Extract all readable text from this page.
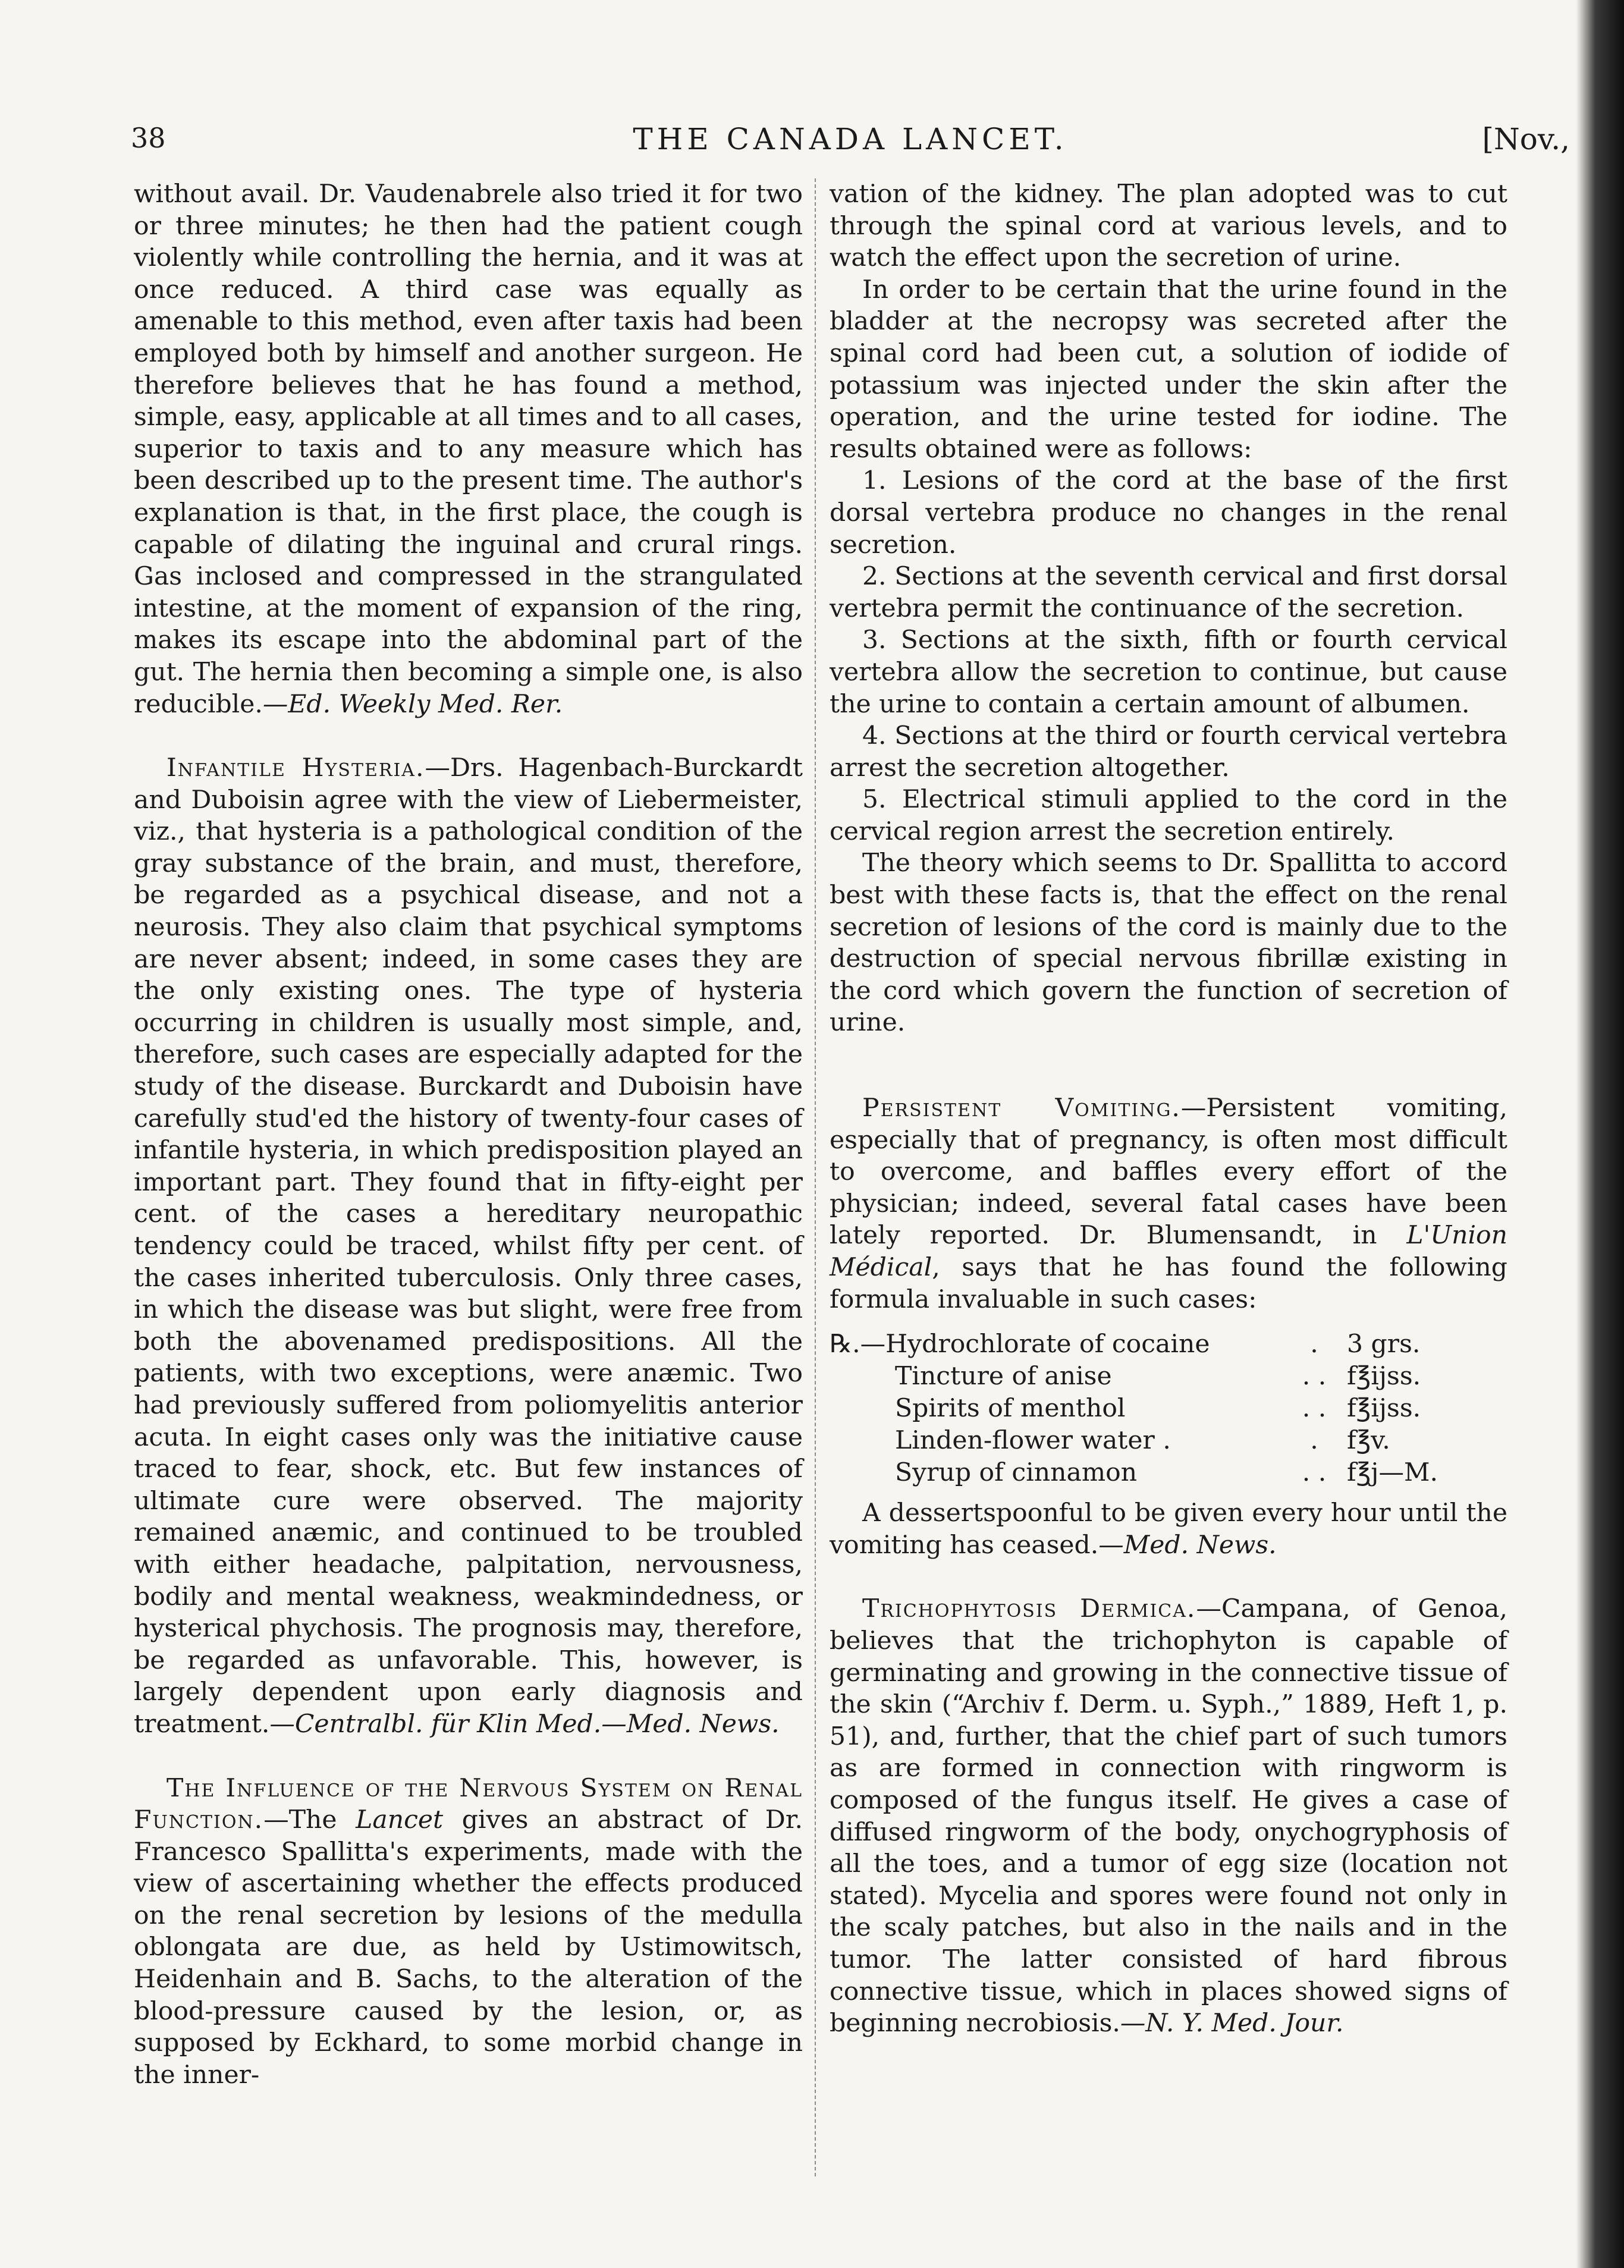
38	THE CANADA LANCET.	[Nov.,

without avail. Dr. Vaudenabrele also tried it for two or three minutes; he then had the patient cough violently while controlling the hernia, and it was at once reduced. A third case was equally as amenable to this method, even after taxis had been employed both by himself and another surgeon. He therefore believes that he has found a method, simple, easy, applicable at all times and to all cases, superior to taxis and to any measure which has been described up to the present time. The author's explanation is that, in the first place, the cough is capable of dilating the inguinal and crural rings. Gas inclosed and compressed in the strangulated intestine, at the moment of expansion of the ring, makes its escape into the abdominal part of the gut. The hernia then becoming a simple one, is also reducible.—Ed. Weekly Med. Rer.

Infantile Hysteria.—Drs. Hagenbach-Burckardt and Duboisin agree with the view of Liebermeister, viz., that hysteria is a pathological condition of the gray substance of the brain, and must, therefore, be regarded as a psychical disease, and not a neurosis. They also claim that psychical symptoms are never absent; indeed, in some cases they are the only existing ones. The type of hysteria occurring in children is usually most simple, and, therefore, such cases are especially adapted for the study of the disease. Burckardt and Duboisin have carefully stud'ed the history of twenty-four cases of infantile hysteria, in which predisposition played an important part. They found that in fifty-eight per cent. of the cases a hereditary neuropathic tendency could be traced, whilst fifty per cent. of the cases inherited tuberculosis. Only three cases, in which the disease was but slight, were free from both the abovenamed predispositions. All the patients, with two exceptions, were anæmic. Two had previously suffered from poliomyelitis anterior acuta. In eight cases only was the initiative cause traced to fear, shock, etc. But few instances of ultimate cure were observed. The majority remained anæmic, and continued to be troubled with either headache, palpitation, nervousness, bodily and mental weakness, weakmindedness, or hysterical phychosis. The prognosis may, therefore, be regarded as unfavorable. This, however, is largely dependent upon early diagnosis and treatment.—Centralbl. für Klin Med.—Med. News.

The Influence of the Nervous System on Renal Function.—The Lancet gives an abstract of Dr. Francesco Spallitta's experiments, made with the view of ascertaining whether the effects produced on the renal secretion by lesions of the medulla oblongata are due, as held by Ustimowitsch, Heidenhain and B. Sachs, to the alteration of the blood-pressure caused by the lesion, or, as supposed by Eckhard, to some morbid change in the inner-

vation of the kidney. The plan adopted was to cut through the spinal cord at various levels, and to watch the effect upon the secretion of urine.

In order to be certain that the urine found in the bladder at the necropsy was secreted after the spinal cord had been cut, a solution of iodide of potassium was injected under the skin after the operation, and the urine tested for iodine. The results obtained were as follows:

1. Lesions of the cord at the base of the first dorsal vertebra produce no changes in the renal secretion.

2. Sections at the seventh cervical and first dorsal vertebra permit the continuance of the secretion.

3. Sections at the sixth, fifth or fourth cervical vertebra allow the secretion to continue, but cause the urine to contain a certain amount of albumen.

4. Sections at the third or fourth cervical vertebra arrest the secretion altogether.

5. Electrical stimuli applied to the cord in the cervical region arrest the secretion entirely.

The theory which seems to Dr. Spallitta to accord best with these facts is, that the effect on the renal secretion of lesions of the cord is mainly due to the destruction of special nervous fibrillæ existing in the cord which govern the function of secretion of urine.

Persistent Vomiting.—Persistent vomiting, especially that of pregnancy, is often most difficult to overcome, and baffles every effort of the physician; indeed, several fatal cases have been lately reported. Dr. Blumensandt, in L'Union Médical, says that he has found the following formula invaluable in such cases:

℞.—Hydrochlorate of cocaine	.	3 grs.
Tincture of anise	. .	f℥ijss.
Spirits of menthol	. .	f℥ijss.
Linden-flower water .	.	f℥v.
Syrup of cinnamon	. .	f℥j—M.

A dessertspoonful to be given every hour until the vomiting has ceased.—Med. News.

Trichophytosis Dermica.—Campana, of Genoa, believes that the trichophyton is capable of germinating and growing in the connective tissue of the skin (“Archiv f. Derm. u. Syph.,” 1889, Heft 1, p. 51), and, further, that the chief part of such tumors as are formed in connection with ringworm is composed of the fungus itself. He gives a case of diffused ringworm of the body, onychogryphosis of all the toes, and a tumor of egg size (location not stated). Mycelia and spores were found not only in the scaly patches, but also in the nails and in the tumor. The latter consisted of hard fibrous connective tissue, which in places showed signs of beginning necrobiosis.—N. Y. Med. Jour.
